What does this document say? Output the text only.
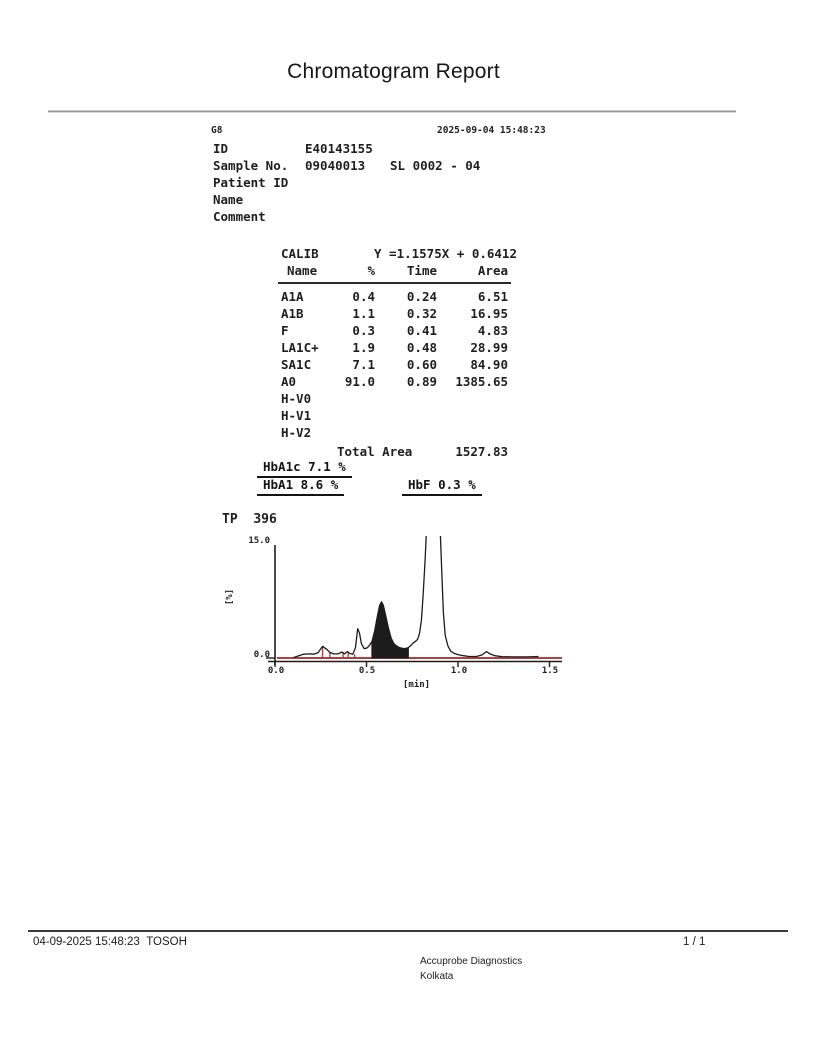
Chromatogram Report
G8	2025-09-04 15:48:23
ID	E40143155
Sample No. 09040013 SL 0002 - 04
Patient ID
Name
Comment
CALIB	Y =1.1575X + 0.6412
Name	%	Time	Area
A1A	0.4	0.24	6.51
A1B	1.1	0.32	16.95
F	0.3	0.41	4.83
LA1C+	1.9	0.48	28.99
SA1C	7.1	0.60	84.90
A0	91.0	0.89	1385.65
H-V0
H-V1
H-V2
Total Area	1527.83
HbA1c 7.1 %
HbA1 8.6 %	HbF 0.3 %
TP 396
15.0
0.0
[%]
0.0	0.5	1.0	1.5
[min]
04-09-2025 15:48:23 TOSOH	1 / 1
Accuprobe Diagnostics
Kolkata
